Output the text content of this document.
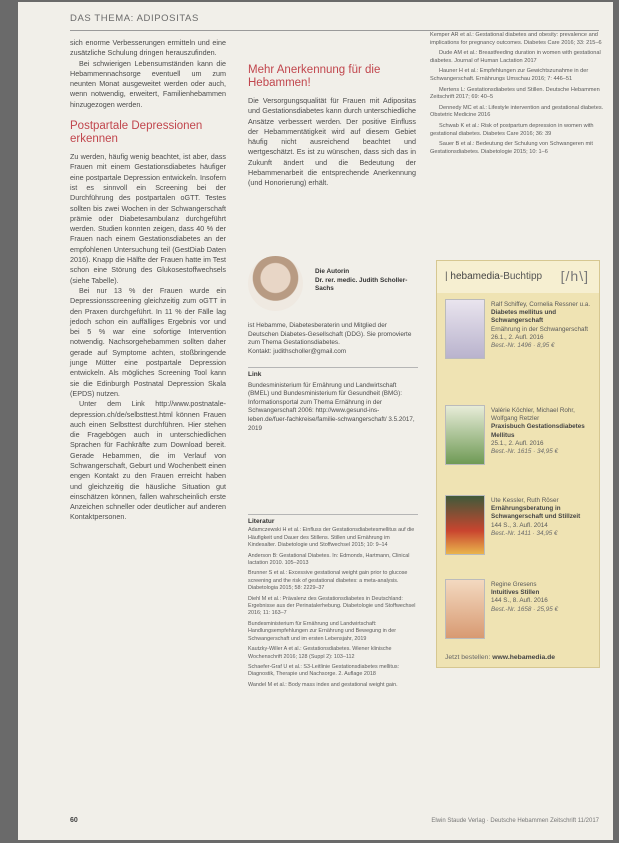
DAS THEMA: ADIPOSITAS

sich enorme Verbesserungen ermitteln und eine zusätzliche Schulung dringen herauszufinden.

Bei schwierigen Lebensumständen kann die Hebammennachsorge eventuell um zum neunten Monat ausgeweitet werden oder auch, wenn notwendig, erweitert, Familienhebammen hinzugezogen werden.

Postpartale Depressionen erkennen

Zu werden, häufig wenig beachtet, ist aber, dass Frauen mit einem Gestationsdiabetes häufiger eine postpartale Depression entwickeln. Insofern ist es sinnvoll ein Screening bei der Durchführung des postpartalen oGTT. Testes sollten bis zwei Wochen in der Schwangerschaft prämie oder Diabetesambulanz durchgeführt werden. Studien konnten zeigen, dass 40 % der Frauen nach einem Gestationsdiabetes an der empfohlenen Untersuchung teil (GestDiab Daten 2016). Knapp die Hälfte der Frauen hatte im Test schon eine Störung des Glukosestoffwechsels (siehe Tabelle).

Bei nur 13 % der Frauen wurde ein Depressionsscreening gleichzeitig zum oGTT in den Praxen durchgeführt. In 11 % der Fälle lag jedoch schon ein auffälliges Ergebnis vor und bei 5 % war eine sofortige Intervention notwendig. Nachsorgehebammen sollten daher gerade auf Symptome achten, stoßbringende junge Mütter eine postpartale Depression entwickeln. Als mögliches Screening Tool kann sie die Edinburgh Postnatal Depression Skala (EPDS) nutzen.

Unter dem Link http://www.postnatale-depression.ch/de/selbsttest.html können Frauen auch einen Selbsttest durchführen. Hier stehen die Fragebögen auch in unterschiedlichen Sprachen für Fachkräfte zum Download bereit. Gerade Hebammen, die im Verlauf von Schwangerschaft, Geburt und Wochenbett einen engen Kontakt zu den Frauen erreicht haben und gleichzeitig die häusliche Situation gut einschätzen können, fallen wahrscheinlich erste Anzeichen schneller oder deutlicher auf anderen Kontaktpersonen.

Mehr Anerkennung für die Hebammen!

Die Versorgungsqualität für Frauen mit Adipositas und Gestationsdiabetes kann durch unterschiedliche Ansätze verbessert werden. Der positive Einfluss der Hebammentätigkeit wird auf diesem Gebiet häufig nicht ausreichend beachtet und wertgeschätzt. Es ist zu wünschen, dass sich das in Zukunft ändert und die Bedeutung der Hebammenarbeit die entsprechende Anerkennung (und Honorierung) erhält.

Die Autorin
Dr. rer. medic. Judith Scholler-Sachs
ist Hebamme, Diabetesberaterin und Mitglied der Deutschen Diabetes-Gesellschaft (DDG). Sie promovierte zum Thema Gestationsdiabetes.
Kontakt: judithscholler@gmail.com
Link
Bundesministerium für Ernährung und Landwirtschaft (BMEL) und Bundesministerium für Gesundheit (BMG): Informationsportal zum Thema Ernährung in der Schwangerschaft 2006: http://www.gesund-ins-leben.de/fuer-fachkreise/familie-schwangerschaft/ 3.5.2017, 2019
Literatur

Adamczewski H et al.: Einfluss der Gestationsdiabetesmellitus auf die Häufigkeit und Dauer des Stillens. Stillen und Ernährung im Kindesalter. Diabetologie und Stoffwechsel 2015; 10: 9–14

Anderson B: Gestational Diabetes. In: Edmonds, Hartmann, Clinical lactation 2010. 105–2013

Brunner S et al.: Excessive gestational weight gain prior to glucose screening and the risk of gestational diabetes: a meta-analysis. Diabetologia 2015; 58: 2229–37

Diehl M et al.: Prävalenz des Gestationsdiabetes in Deutschland: Ergebnisse aus der Perinatalerhebung. Diabetologie und Stoffwechsel 2016; 11: 163–7

Bundesministerium für Ernährung und Landwirtschaft: Handlungsempfehlungen zur Ernährung und Bewegung in der Schwangerschaft und im ersten Lebensjahr, 2019

Kautzky-Willer A et al.: Gestationsdiabetes. Wiener klinische Wochenschrift 2016; 128 (Suppl 2): 103–112

Schaefer-Graf U et al.: S3-Leitlinie Gestationsdiabetes mellitus: Diagnostik, Therapie und Nachsorge. 2. Auflage 2018

Wandel M et al.: Body mass index and gestational weight gain.

Kemper AR et al.: Gestational diabetes and obesity: prevalence and implications for pregnancy outcomes. Diabetes Care 2016; 33: 215–6

Dude AM et al.: Breastfeeding duration in women with gestational diabetes. Journal of Human Lactation 2017

Hauner H et al.: Empfehlungen zur Gewichtszunahme in der Schwangerschaft. Ernährungs Umschau 2016; 7: 446–51

Mertens L: Gestationsdiabetes und Stillen. Deutsche Hebammen Zeitschrift 2017; 69: 40–5

Dennedy MC et al.: Lifestyle intervention and gestational diabetes. Obstetric Medicine 2016

Schwab K et al.: Risk of postpartum depression in women with gestational diabetes. Diabetes Care 2016; 36: 39

Sauer B et al.: Bedeutung der Schulung von Schwangeren mit Gestationsdiabetes. Diabetologie 2015; 10: 1–6

| hebamedia-Buchtipp [/h\]
Ralf Schiffey, Cornelia Ressner u.a.
Diabetes mellitus und Schwangerschaft
Ernährung in der Schwangerschaft
26.1., 2. Aufl. 2016
Best.-Nr. 1496 · 8,95 €
Valérie Köchler, Michael Rohr, Wolfgang Retzler
Praxisbuch Gestationsdiabetes Mellitus
25.1., 2. Aufl. 2016
Best.-Nr. 1615 · 34,95 €
Ute Kessler, Ruth Röser
Ernährungsberatung in Schwangerschaft und Stillzeit
144 S., 3. Aufl. 2014
Best.-Nr. 1411 · 34,95 €
Regine Gresens
Intuitives Stillen
144 S., 8. Aufl. 2016
Best.-Nr. 1658 · 25,95 €
Jetzt bestellen: www.hebamedia.de
60	Elwin Staude Verlag · Deutsche Hebammen Zeitschrift 11/2017
